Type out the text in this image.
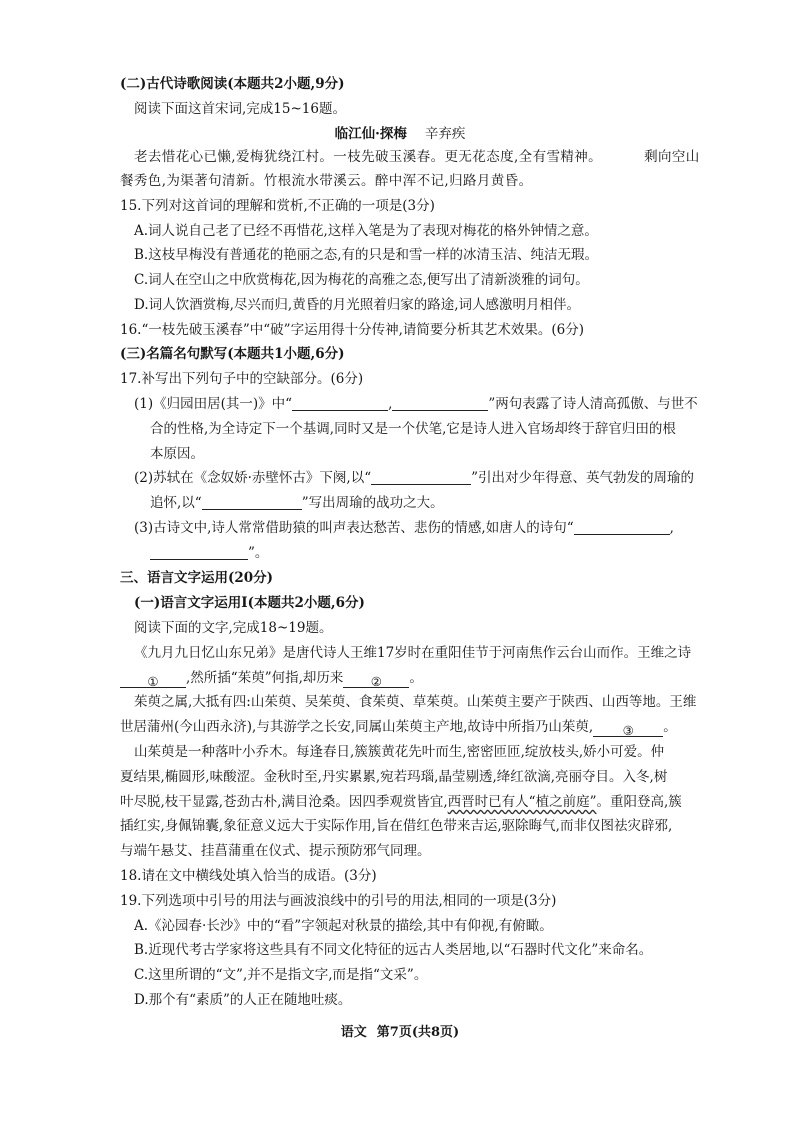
(二)古代诗歌阅读(本题共2小题,9分)
阅读下面这首宋词,完成15~16题。
临江仙·探梅 辛弃疾
老去惜花心已懒,爱梅犹绕江村。一枝先破玉溪春。更无花态度,全有雪精神。	剩向空山
餐秀色,为渠著句清新。竹根流水带溪云。醉中浑不记,归路月黄昏。
15.下列对这首词的理解和赏析,不正确的一项是(3分)
A.词人说自己老了已经不再惜花,这样入笔是为了表现对梅花的格外钟情之意。
B.这枝早梅没有普通花的艳丽之态,有的只是和雪一样的冰清玉洁、纯洁无瑕。
C.词人在空山之中欣赏梅花,因为梅花的高雅之态,便写出了清新淡雅的词句。
D.词人饮酒赏梅,尽兴而归,黄昏的月光照着归家的路途,词人感激明月相伴。
16.“一枝先破玉溪春”中“破”字运用得十分传神,请简要分析其艺术效果。(6分)
(三)名篇名句默写(本题共1小题,6分)
17.补写出下列句子中的空缺部分。(6分)
(1)《归园田居(其一)》中“	,	”两句表露了诗人清高孤傲、与世不
合的性格,为全诗定下一个基调,同时又是一个伏笔,它是诗人进入官场却终于辞官归田的根
本原因。
(2)苏轼在《念奴娇·赤壁怀古》下阕,以“	”引出对少年得意、英气勃发的周瑜的
追怀,以“	”写出周瑜的战功之大。
(3)古诗文中,诗人常常借助猿的叫声表达愁苦、悲伤的情感,如唐人的诗句“	,
”。
三、语言文字运用(20分)
(一)语言文字运用Ⅰ(本题共2小题,6分)
阅读下面的文字,完成18~19题。
《九月九日忆山东兄弟》是唐代诗人王维17岁时在重阳佳节于河南焦作云台山而作。王维之诗
① ,然所插“茱萸”何指,却历来 ② 。
茱萸之属,大抵有四:山茱萸、吴茱萸、食茱萸、草茱萸。山茱萸主要产于陕西、山西等地。王维
世居蒲州(今山西永济),与其游学之长安,同属山茱萸主产地,故诗中所指乃山茱萸, ③ 。
山茱萸是一种落叶小乔木。每逢春日,簇簇黄花先叶而生,密密匝匝,绽放枝头,娇小可爱。仲
夏结果,椭圆形,味酸涩。金秋时至,丹实累累,宛若玛瑙,晶莹剔透,绛红欲滴,亮丽夺目。入冬,树
叶尽脱,枝干显露,苍劲古朴,满目沧桑。因四季观赏皆宜,西晋时已有人“植之前庭”。重阳登高,簇
插红实,身佩锦囊,象征意义远大于实际作用,旨在借红色带来吉运,驱除晦气,而非仅图祛灾辟邪,
与端午悬艾、挂菖蒲重在仪式、提示预防邪气同理。
18.请在文中横线处填入恰当的成语。(3分)
19.下列选项中引号的用法与画波浪线中的引号的用法,相同的一项是(3分)
A.《沁园春·长沙》中的“看”字领起对秋景的描绘,其中有仰视,有俯瞰。
B.近现代考古学家将这些具有不同文化特征的远古人类居地,以“石器时代文化”来命名。
C.这里所谓的“文”,并不是指文字,而是指“文采”。
D.那个有“素质”的人正在随地吐痰。
语文 第7页(共8页)
